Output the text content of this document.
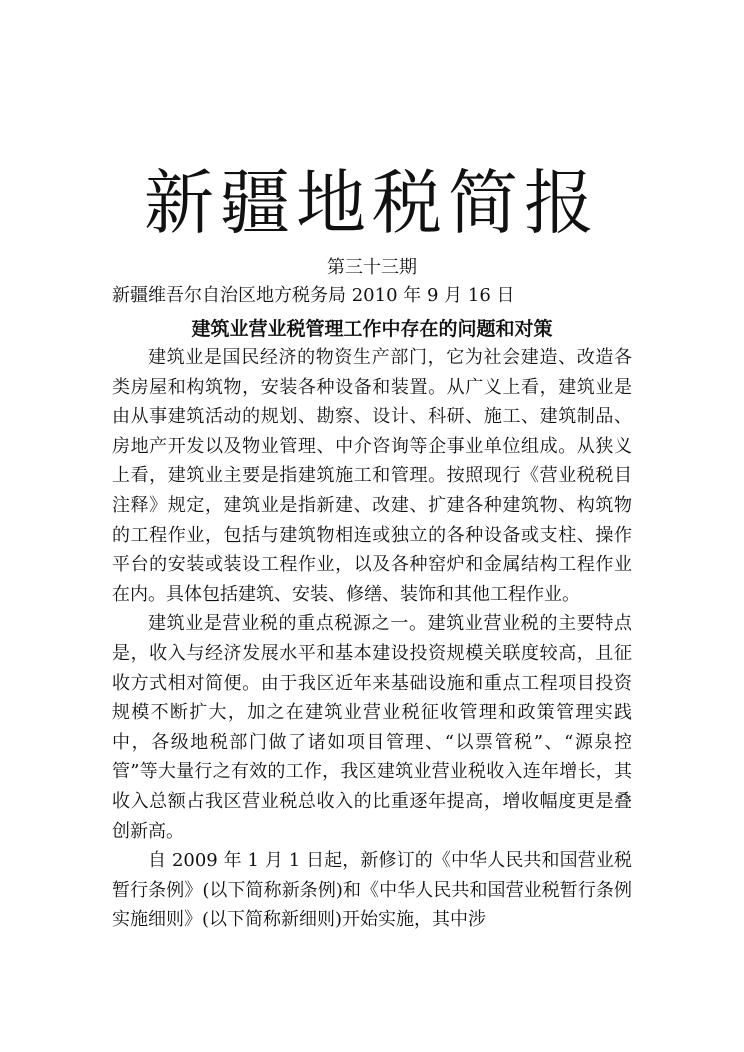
新疆地税简报
第三十三期
新疆维吾尔自治区地方税务局 2010 年 9 月 16 日
建筑业营业税管理工作中存在的问题和对策

建筑业是国民经济的物资生产部门，它为社会建造、改造各类房屋和构筑物，安装各种设备和装置。从广义上看，建筑业是由从事建筑活动的规划、勘察、设计、科研、施工、建筑制品、房地产开发以及物业管理、中介咨询等企事业单位组成。从狭义上看，建筑业主要是指建筑施工和管理。按照现行《营业税税目注释》规定，建筑业是指新建、改建、扩建各种建筑物、构筑物的工程作业，包括与建筑物相连或独立的各种设备或支柱、操作平台的安装或装设工程作业，以及各种窑炉和金属结构工程作业在内。具体包括建筑、安装、修缮、装饰和其他工程作业。

建筑业是营业税的重点税源之一。建筑业营业税的主要特点是，收入与经济发展水平和基本建设投资规模关联度较高，且征收方式相对简便。由于我区近年来基础设施和重点工程项目投资规模不断扩大，加之在建筑业营业税征收管理和政策管理实践中，各级地税部门做了诸如项目管理、“以票管税”、“源泉控管”等大量行之有效的工作，我区建筑业营业税收入连年增长，其收入总额占我区营业税总收入的比重逐年提高，增收幅度更是叠创新高。

自 2009 年 1 月 1 日起，新修订的《中华人民共和国营业税暂行条例》(以下简称新条例)和《中华人民共和国营业税暂行条例实施细则》(以下简称新细则)开始实施，其中涉
